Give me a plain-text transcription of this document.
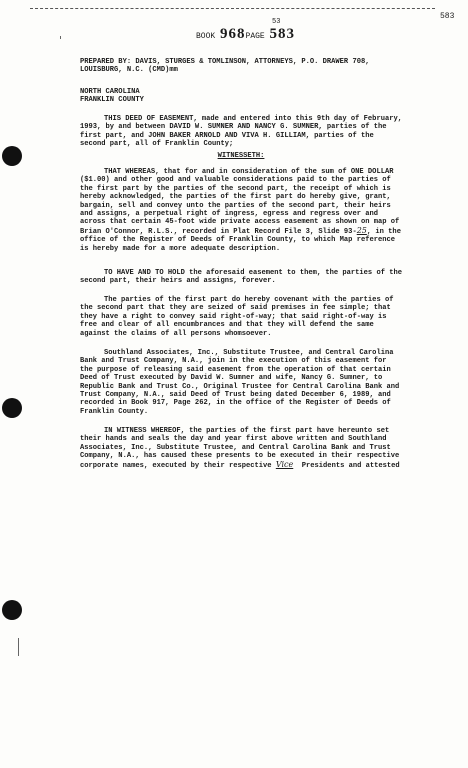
583
53
BOOK 968PAGE 583

PREPARED BY: DAVIS, STURGES & TOMLINSON, ATTORNEYS, P.O. DRAWER 708, LOUISBURG, N.C. (CMD)mm

NORTH CAROLINA

FRANKLIN COUNTY

THIS DEED OF EASEMENT, made and entered into this 9th day of February, 1993, by and between DAVID W. SUMNER AND NANCY G. SUMNER, parties of the first part, and JOHN BAKER ARNOLD AND VIVA H. GILLIAM, parties of the second part, all of Franklin County;

WITNESSETH:

THAT WHEREAS, that for and in consideration of the sum of ONE DOLLAR ($1.00) and other good and valuable considerations paid to the parties of the first part by the parties of the second part, the receipt of which is hereby acknowledged, the parties of the first part do hereby give, grant, bargain, sell and convey unto the parties of the second part, their heirs and assigns, a perpetual right of ingress, egress and regress over and across that certain 45-foot wide private access easement as shown on map of Brian O'Connor, R.L.S., recorded in Plat Record File 3, Slide 93-25, in the office of the Register of Deeds of Franklin County, to which Map reference is hereby made for a more adequate description.

TO HAVE AND TO HOLD the aforesaid easement to them, the parties of the second part, their heirs and assigns, forever.

The parties of the first part do hereby covenant with the parties of the second part that they are seized of said premises in fee simple; that they have a right to convey said right-of-way; that said right-of-way is free and clear of all encumbrances and that they will defend the same against the claims of all persons whomsoever.

Southland Associates, Inc., Substitute Trustee, and Central Carolina Bank and Trust Company, N.A., join in the execution of this easement for the purpose of releasing said easement from the operation of that certain Deed of Trust executed by David W. Sumner and wife, Nancy G. Sumner, to Republic Bank and Trust Co., Original Trustee for Central Carolina Bank and Trust Company, N.A., said Deed of Trust being dated December 6, 1989, and recorded in Book 917, Page 262, in the office of the Register of Deeds of Franklin County.

IN WITNESS WHEREOF, the parties of the first part have hereunto set their hands and seals the day and year first above written and Southland Associates, Inc., Substitute Trustee, and Central Carolina Bank and Trust Company, N.A., has caused these presents to be executed in their respective corporate names, executed by their respective Vice Presidents and attested
